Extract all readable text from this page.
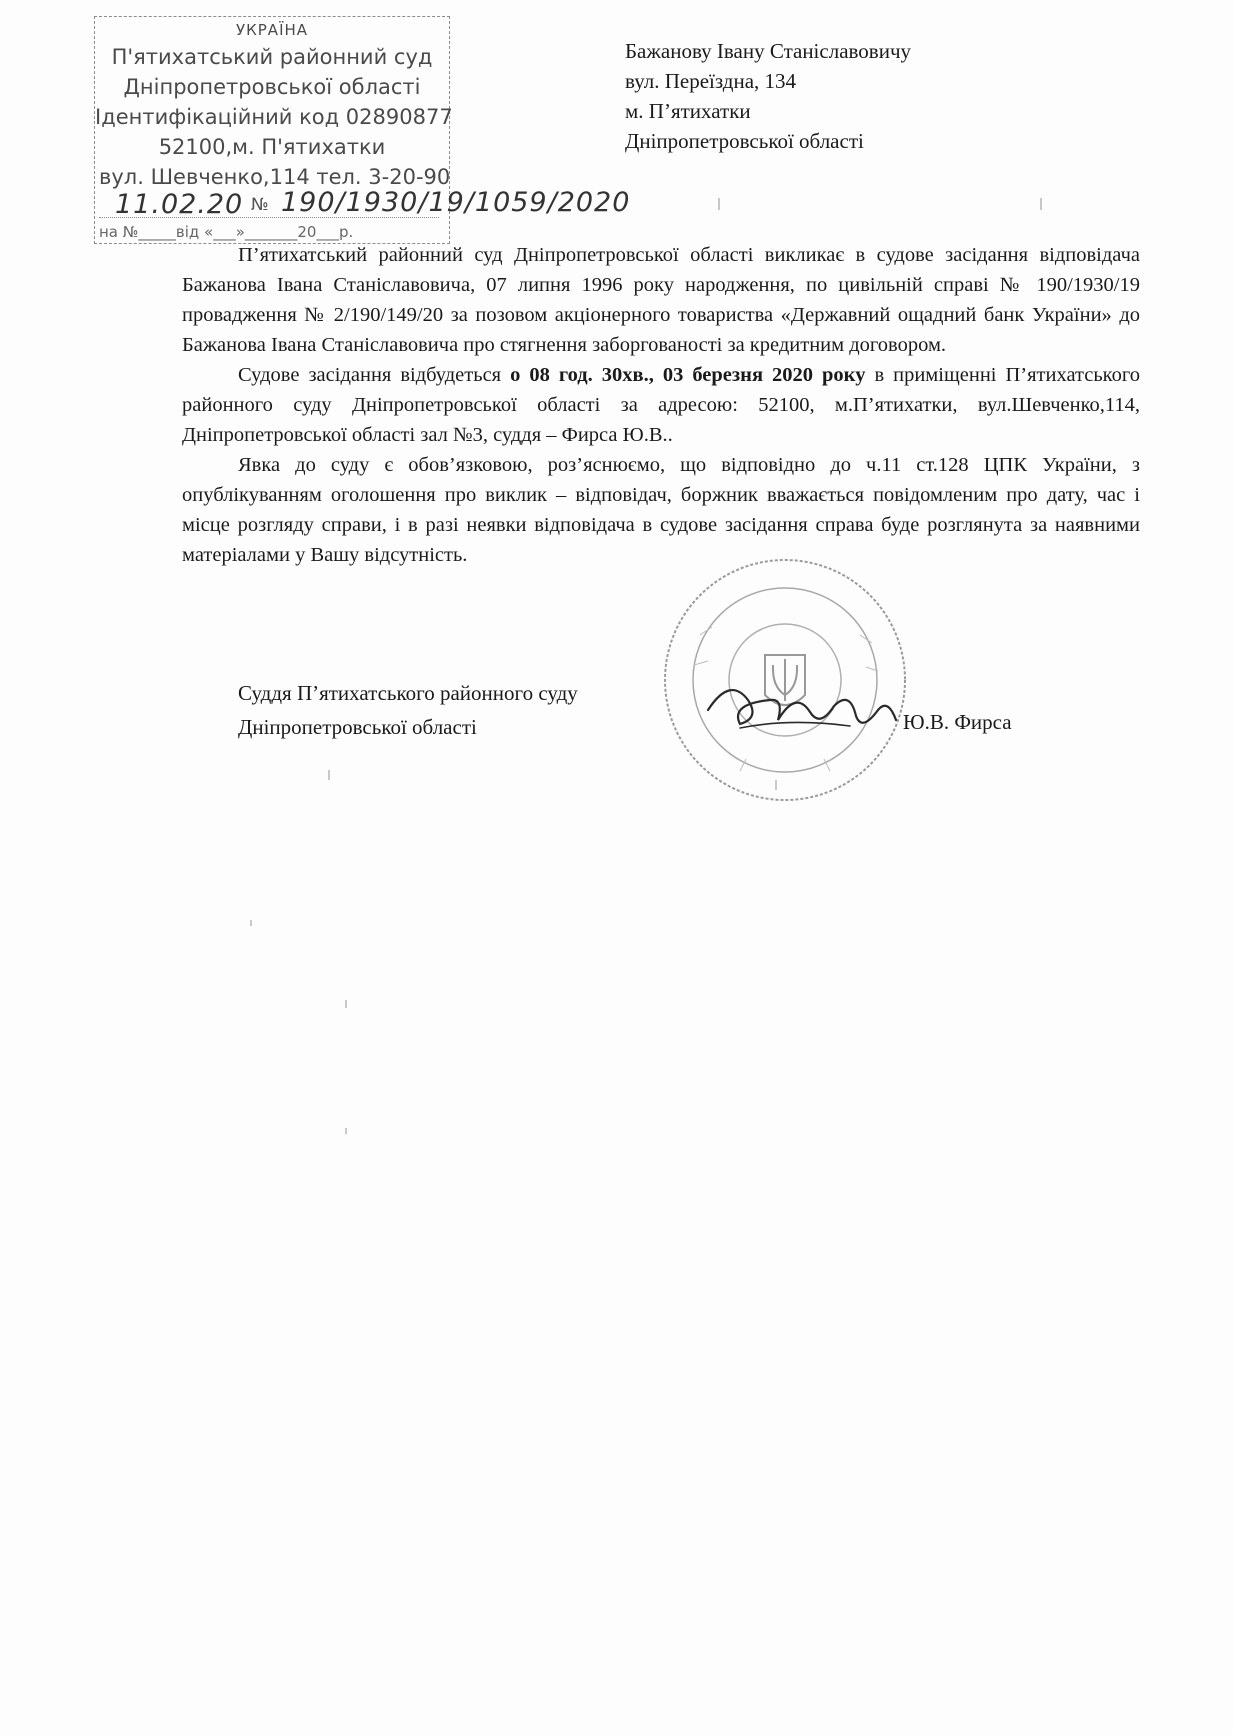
УКРАЇНА
П'ятихатський районний суд
Дніпропетровської області
Ідентифікаційний код 02890877
52100,м. П'ятихатки
вул. Шевченко,114 тел. 3-20-90
11.02.20 № 190/1930/19/1059/2020
на №_____від «___»_______20___р.
Бажанову Івану Станіславовичу
вул. Переїздна, 134
м. П’ятихатки
Дніпропетровської області

П’ятихатський районний суд Дніпропетровської області викликає в судове засідання відповідача Бажанова Івана Станіславовича, 07 липня 1996 року народження, по цивільній справі № 190/1930/19 провадження № 2/190/149/20 за позовом акціонерного товариства «Державний ощадний банк України» до Бажанова Івана Станіславовича про стягнення заборгованості за кредитним договором.

Судове засідання відбудеться о 08 год. 30хв., 03 березня 2020 року в приміщенні П’ятихатського районного суду Дніпропетровської області за адресою: 52100, м.П’ятихатки, вул.Шевченко,114, Дніпропетровської області зал №3, суддя – Фирса Ю.В..

Явка до суду є обов’язковою, роз’яснюємо, що відповідно до ч.11 ст.128 ЦПК України, з опублікуванням оголошення про виклик – відповідач, боржник вважається повідомленим про дату, час і місце розгляду справи, і в разі неявки відповідача в судове засідання справа буде розглянута за наявними матеріалами у Вашу відсутність.

Суддя П’ятихатського районного суду
Дніпропетровської області	Ю.В. Фирса
